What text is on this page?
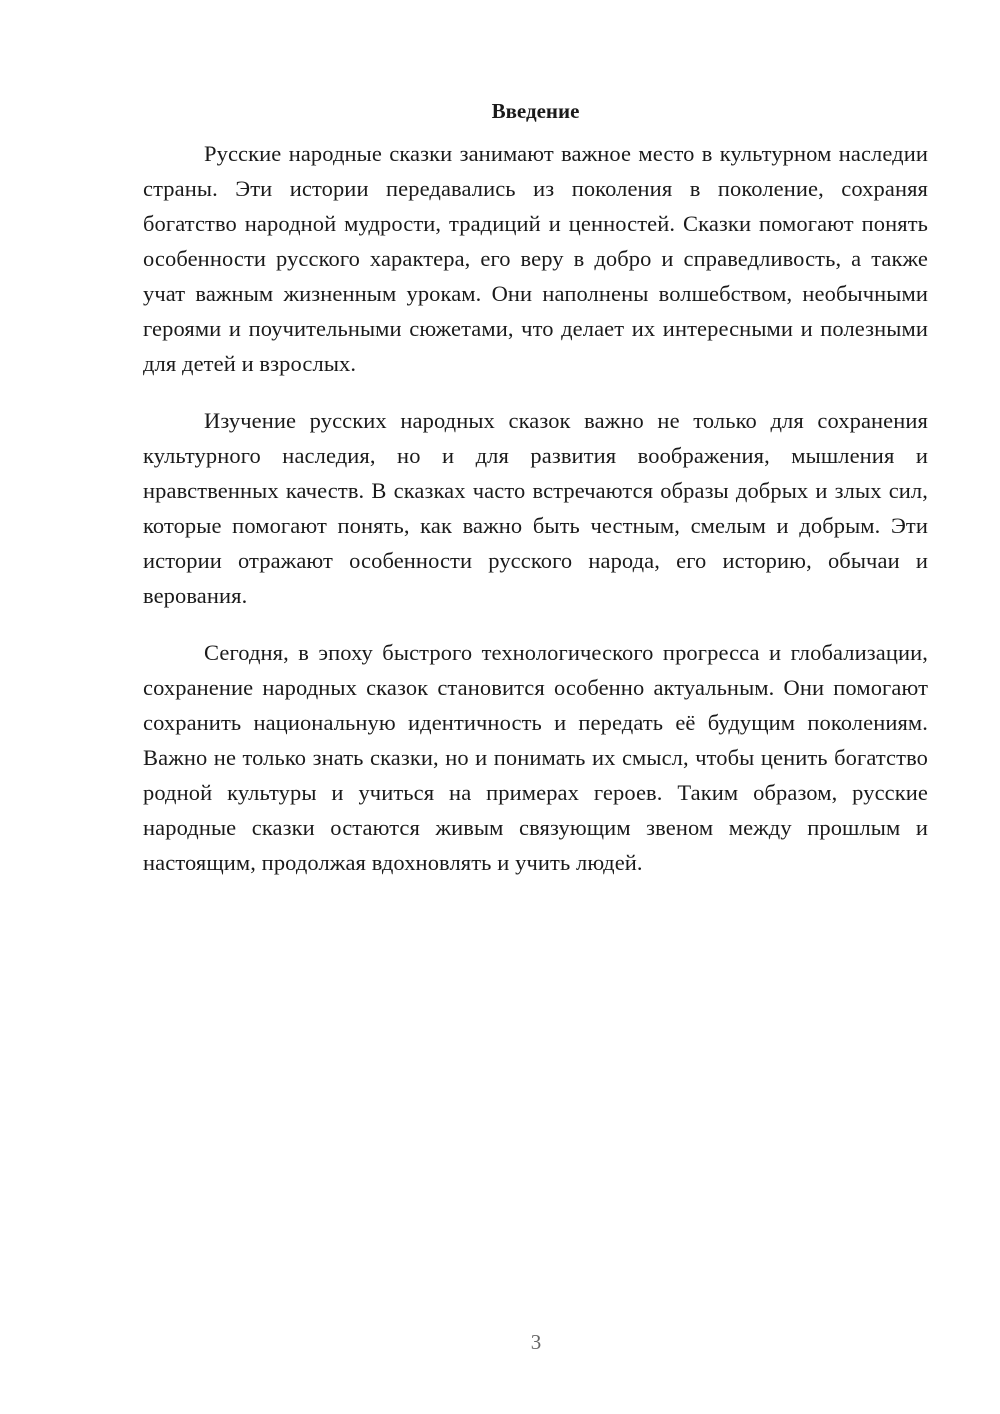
Введение

Русские народные сказки занимают важное место в культурном наследии страны. Эти истории передавались из поколения в поколение, сохраняя богатство народной мудрости, традиций и ценностей. Сказки помогают понять особенности русского характера, его веру в добро и справедливость, а также учат важным жизненным урокам. Они наполнены волшебством, необычными героями и поучительными сюжетами, что делает их интересными и полезными для детей и взрослых.

Изучение русских народных сказок важно не только для сохранения культурного наследия, но и для развития воображения, мышления и нравственных качеств. В сказках часто встречаются образы добрых и злых сил, которые помогают понять, как важно быть честным, смелым и добрым. Эти истории отражают особенности русского народа, его историю, обычаи и верования.

Сегодня, в эпоху быстрого технологического прогресса и глобализации, сохранение народных сказок становится особенно актуальным. Они помогают сохранить национальную идентичность и передать её будущим поколениям. Важно не только знать сказки, но и понимать их смысл, чтобы ценить богатство родной культуры и учиться на примерах героев. Таким образом, русские народные сказки остаются живым связующим звеном между прошлым и настоящим, продолжая вдохновлять и учить людей.

3
